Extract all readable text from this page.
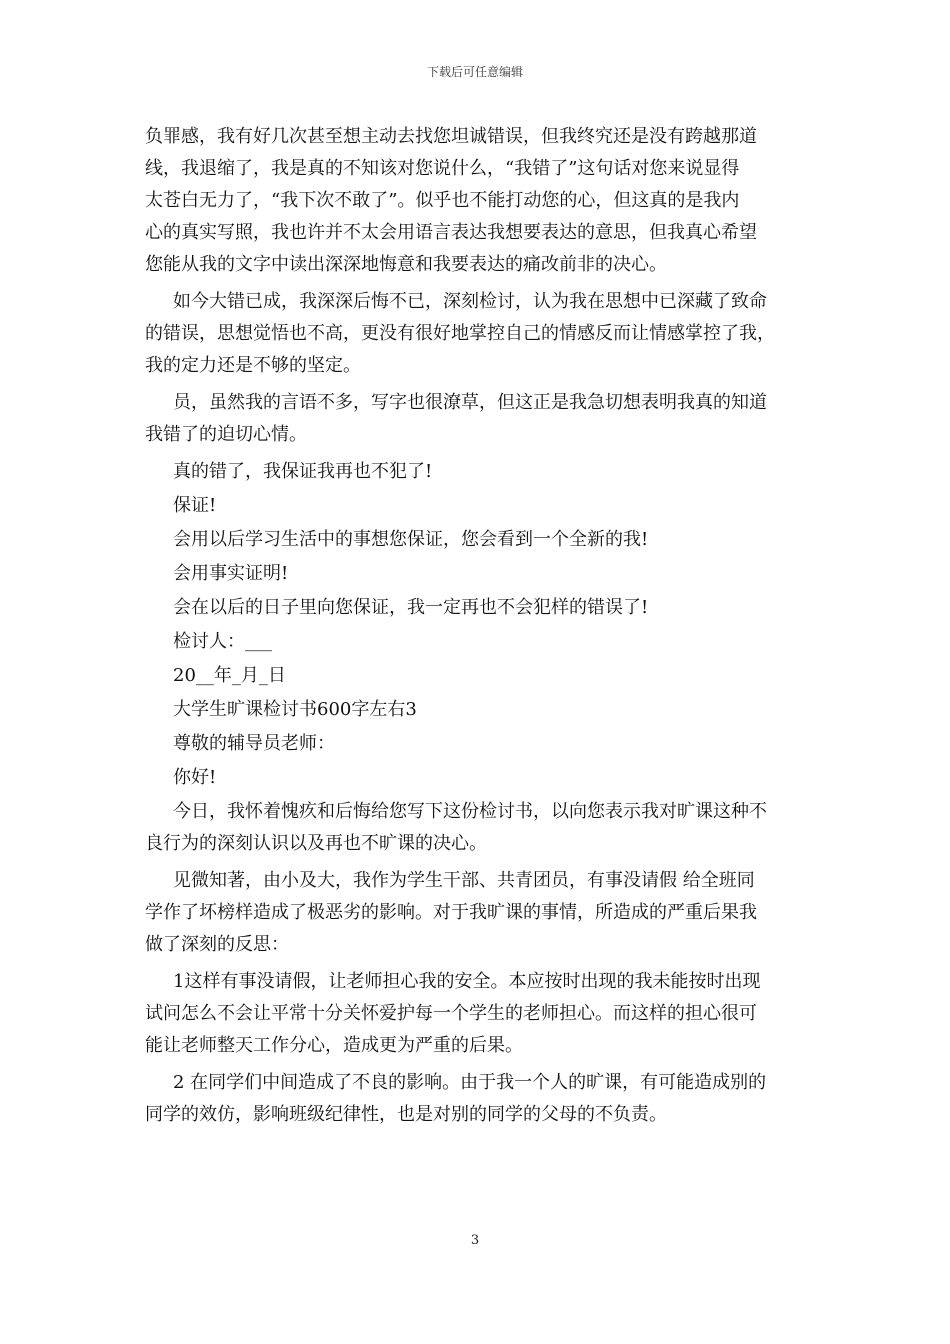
下载后可任意编辑
负罪感，我有好几次甚至想主动去找您坦诚错误，但我终究还是没有跨越那道
线，我退缩了，我是真的不知该对您说什么，“我错了”这句话对您来说显得
太苍白无力了，“我下次不敢了”。似乎也不能打动您的心，但这真的是我内
心的真实写照，我也许并不太会用语言表达我想要表达的意思，但我真心希望
您能从我的文字中读出深深地悔意和我要表达的痛改前非的决心。
如今大错已成，我深深后悔不已，深刻检讨，认为我在思想中已深藏了致命
的错误，思想觉悟也不高，更没有很好地掌控自己的情感反而让情感掌控了我，
我的定力还是不够的坚定。
员，虽然我的言语不多，写字也很潦草，但这正是我急切想表明我真的知道
我错了的迫切心情。
真的错了，我保证我再也不犯了!
保证!
会用以后学习生活中的事想您保证，您会看到一个全新的我!
会用事实证明!
会在以后的日子里向您保证，我一定再也不会犯样的错误了!
检讨人：___
20__年_月_日
大学生旷课检讨书600字左右3
尊敬的辅导员老师：
你好!
今日，我怀着愧疚和后悔给您写下这份检讨书，以向您表示我对旷课这种不
良行为的深刻认识以及再也不旷课的决心。
见微知著，由小及大，我作为学生干部、共青团员，有事没请假 给全班同
学作了坏榜样造成了极恶劣的影响。对于我旷课的事情，所造成的严重后果我
做了深刻的反思：
1这样有事没请假，让老师担心我的安全。本应按时出现的我未能按时出现
试问怎么不会让平常十分关怀爱护每一个学生的老师担心。而这样的担心很可
能让老师整天工作分心，造成更为严重的后果。
2 在同学们中间造成了不良的影响。由于我一个人的旷课，有可能造成别的
同学的效仿，影响班级纪律性，也是对别的同学的父母的不负责。
3
